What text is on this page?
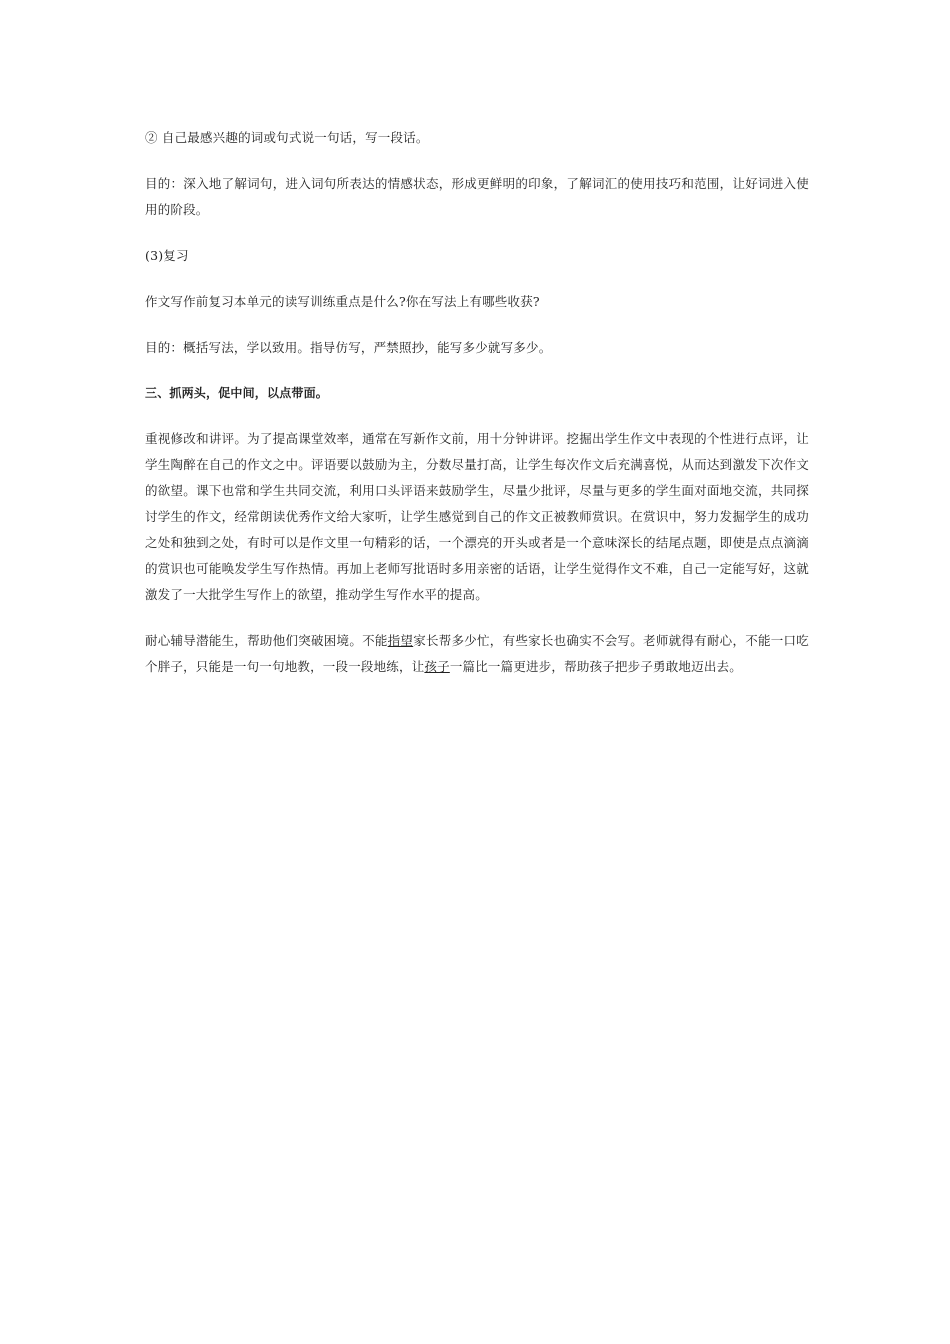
② 自己最感兴趣的词或句式说一句话，写一段话。

目的：深入地了解词句，进入词句所表达的情感状态，形成更鲜明的印象，了解词汇的使用技巧和范围，让好词进入使用的阶段。

(3)复习

作文写作前复习本单元的读写训练重点是什么?你在写法上有哪些收获?

目的：概括写法，学以致用。指导仿写，严禁照抄，能写多少就写多少。

三、抓两头，促中间，以点带面。

重视修改和讲评。为了提高课堂效率，通常在写新作文前，用十分钟讲评。挖掘出学生作文中表现的个性进行点评，让学生陶醉在自己的作文之中。评语要以鼓励为主，分数尽量打高，让学生每次作文后充满喜悦，从而达到激发下次作文的欲望。课下也常和学生共同交流，利用口头评语来鼓励学生，尽量少批评，尽量与更多的学生面对面地交流，共同探讨学生的作文，经常朗读优秀作文给大家听，让学生感觉到自己的作文正被教师赏识。在赏识中，努力发掘学生的成功之处和独到之处，有时可以是作文里一句精彩的话，一个漂亮的开头或者是一个意味深长的结尾点题，即使是点点滴滴的赏识也可能唤发学生写作热情。再加上老师写批语时多用亲密的话语，让学生觉得作文不难，自己一定能写好，这就激发了一大批学生写作上的欲望，推动学生写作水平的提高。

耐心辅导潜能生，帮助他们突破困境。不能指望家长帮多少忙，有些家长也确实不会写。老师就得有耐心，不能一口吃个胖子，只能是一句一句地教，一段一段地练，让孩子一篇比一篇更进步，帮助孩子把步子勇敢地迈出去。
